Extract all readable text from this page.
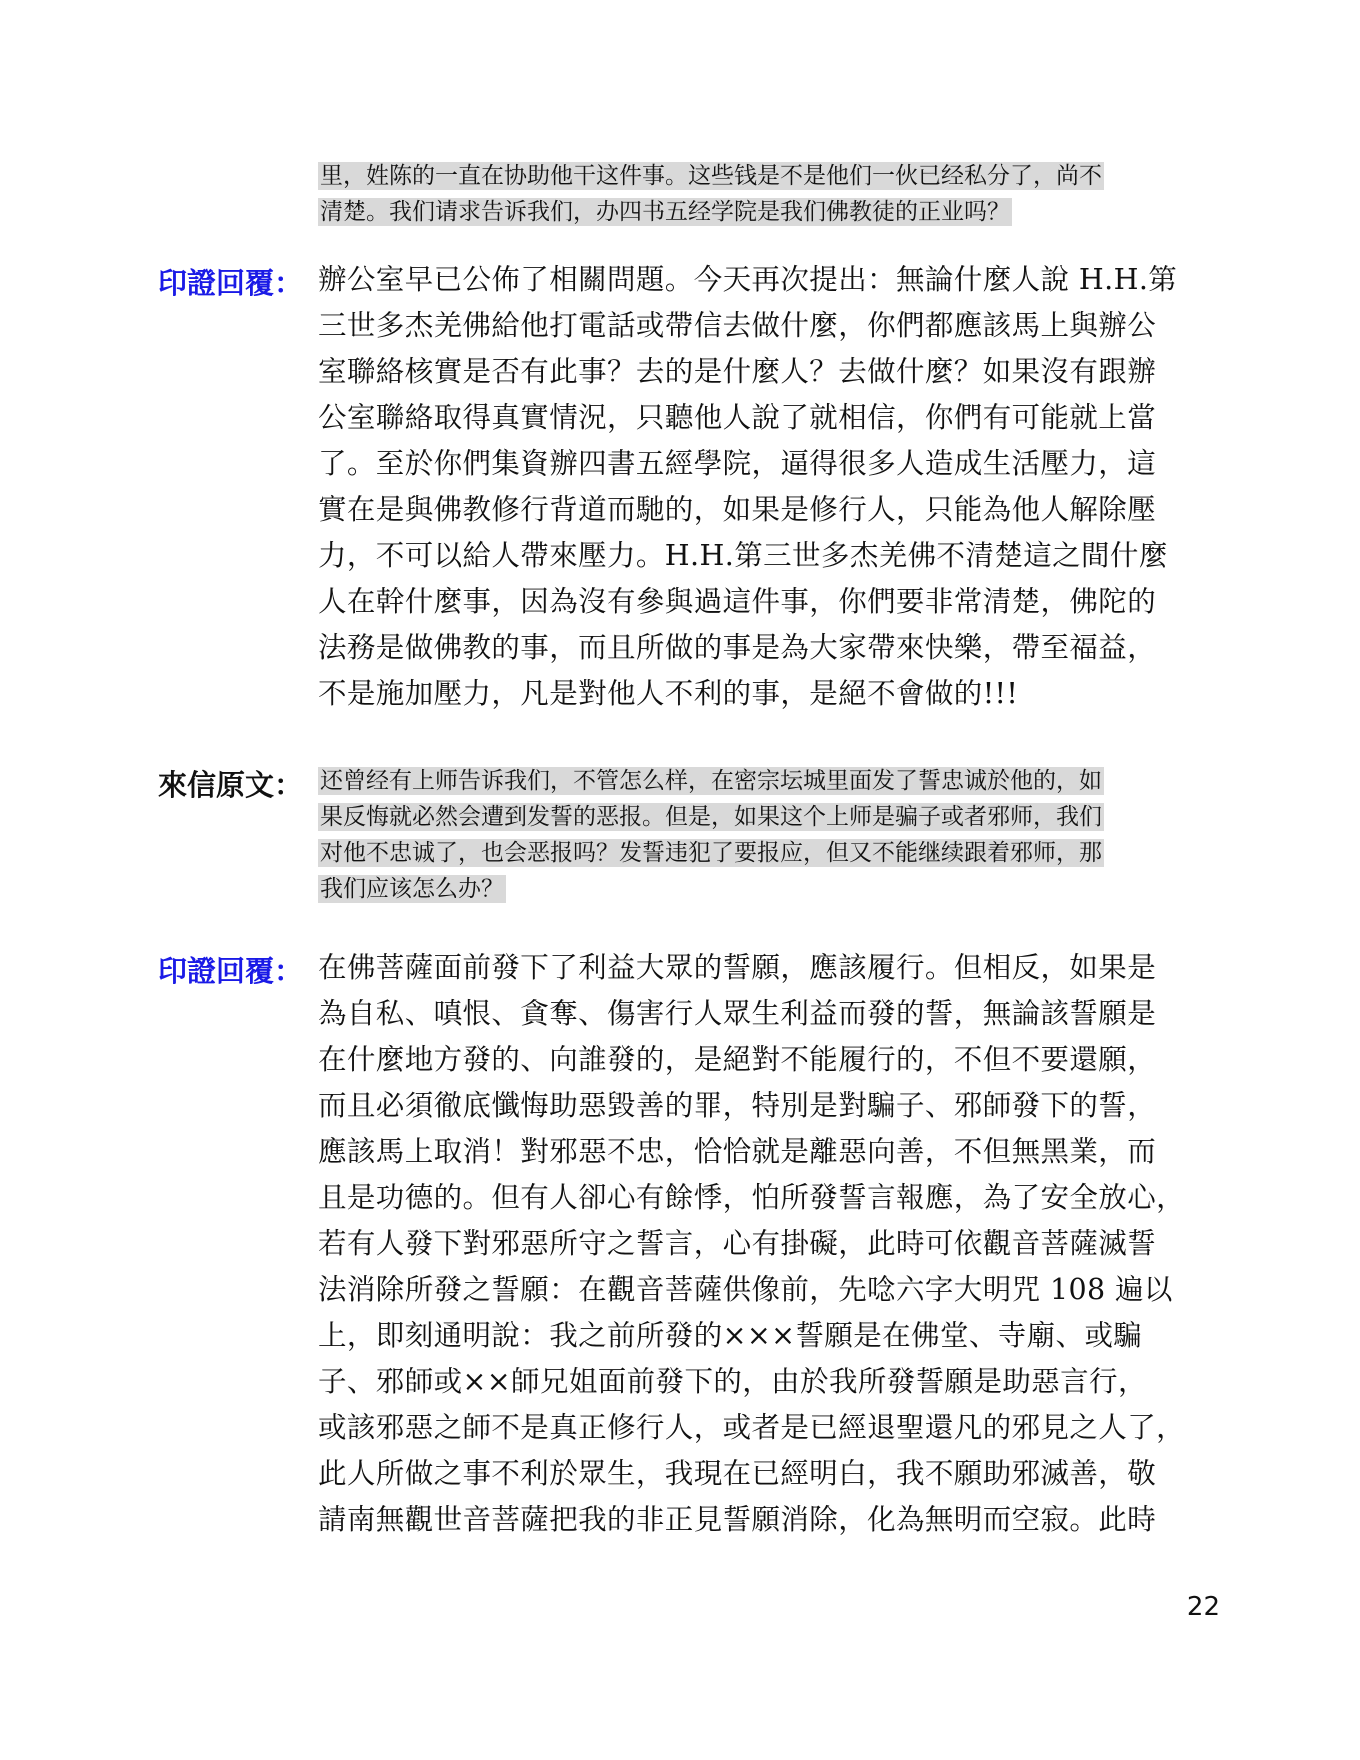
里，姓陈的一直在协助他干这件事。这些钱是不是他们一伙已经私分了，尚不
清楚。我们请求告诉我们，办四书五经学院是我们佛教徒的正业吗？
印證回覆： 辦公室早已公佈了相關問題。今天再次提出：無論什麼人說 H.H.第
三世多杰羌佛給他打電話或帶信去做什麼，你們都應該馬上與辦公
室聯絡核實是否有此事？去的是什麼人？去做什麼？如果沒有跟辦
公室聯絡取得真實情況，只聽他人說了就相信，你們有可能就上當
了。至於你們集資辦四書五經學院，逼得很多人造成生活壓力，這
實在是與佛教修行背道而馳的，如果是修行人，只能為他人解除壓
力，不可以給人帶來壓力。H.H.第三世多杰羌佛不清楚這之間什麼
人在幹什麼事，因為沒有參與過這件事，你們要非常清楚，佛陀的
法務是做佛教的事，而且所做的事是為大家帶來快樂，帶至福益，
不是施加壓力，凡是對他人不利的事，是絕不會做的!!!
來信原文： 还曾经有上师告诉我们，不管怎么样，在密宗坛城里面发了誓忠诚於他的，如
果反悔就必然会遭到发誓的恶报。但是，如果这个上师是骗子或者邪师，我们
对他不忠诚了，也会恶报吗？发誓违犯了要报应，但又不能继续跟着邪师，那
我们应该怎么办？
印證回覆： 在佛菩薩面前發下了利益大眾的誓願，應該履行。但相反，如果是
為自私、嗔恨、貪奪、傷害行人眾生利益而發的誓，無論該誓願是
在什麼地方發的、向誰發的，是絕對不能履行的，不但不要還願，
而且必須徹底懺悔助惡毀善的罪，特別是對騙子、邪師發下的誓，
應該馬上取消！對邪惡不忠，恰恰就是離惡向善，不但無黑業，而
且是功德的。但有人卻心有餘悸，怕所發誓言報應，為了安全放心，
若有人發下對邪惡所守之誓言，心有掛礙，此時可依觀音菩薩滅誓
法消除所發之誓願：在觀音菩薩供像前，先唸六字大明咒 108 遍以
上，即刻通明說：我之前所發的×××誓願是在佛堂、寺廟、或騙
子、邪師或××師兄姐面前發下的，由於我所發誓願是助惡言行，
或該邪惡之師不是真正修行人，或者是已經退聖還凡的邪見之人了，
此人所做之事不利於眾生，我現在已經明白，我不願助邪滅善，敬
請南無觀世音菩薩把我的非正見誓願消除，化為無明而空寂。此時
22
